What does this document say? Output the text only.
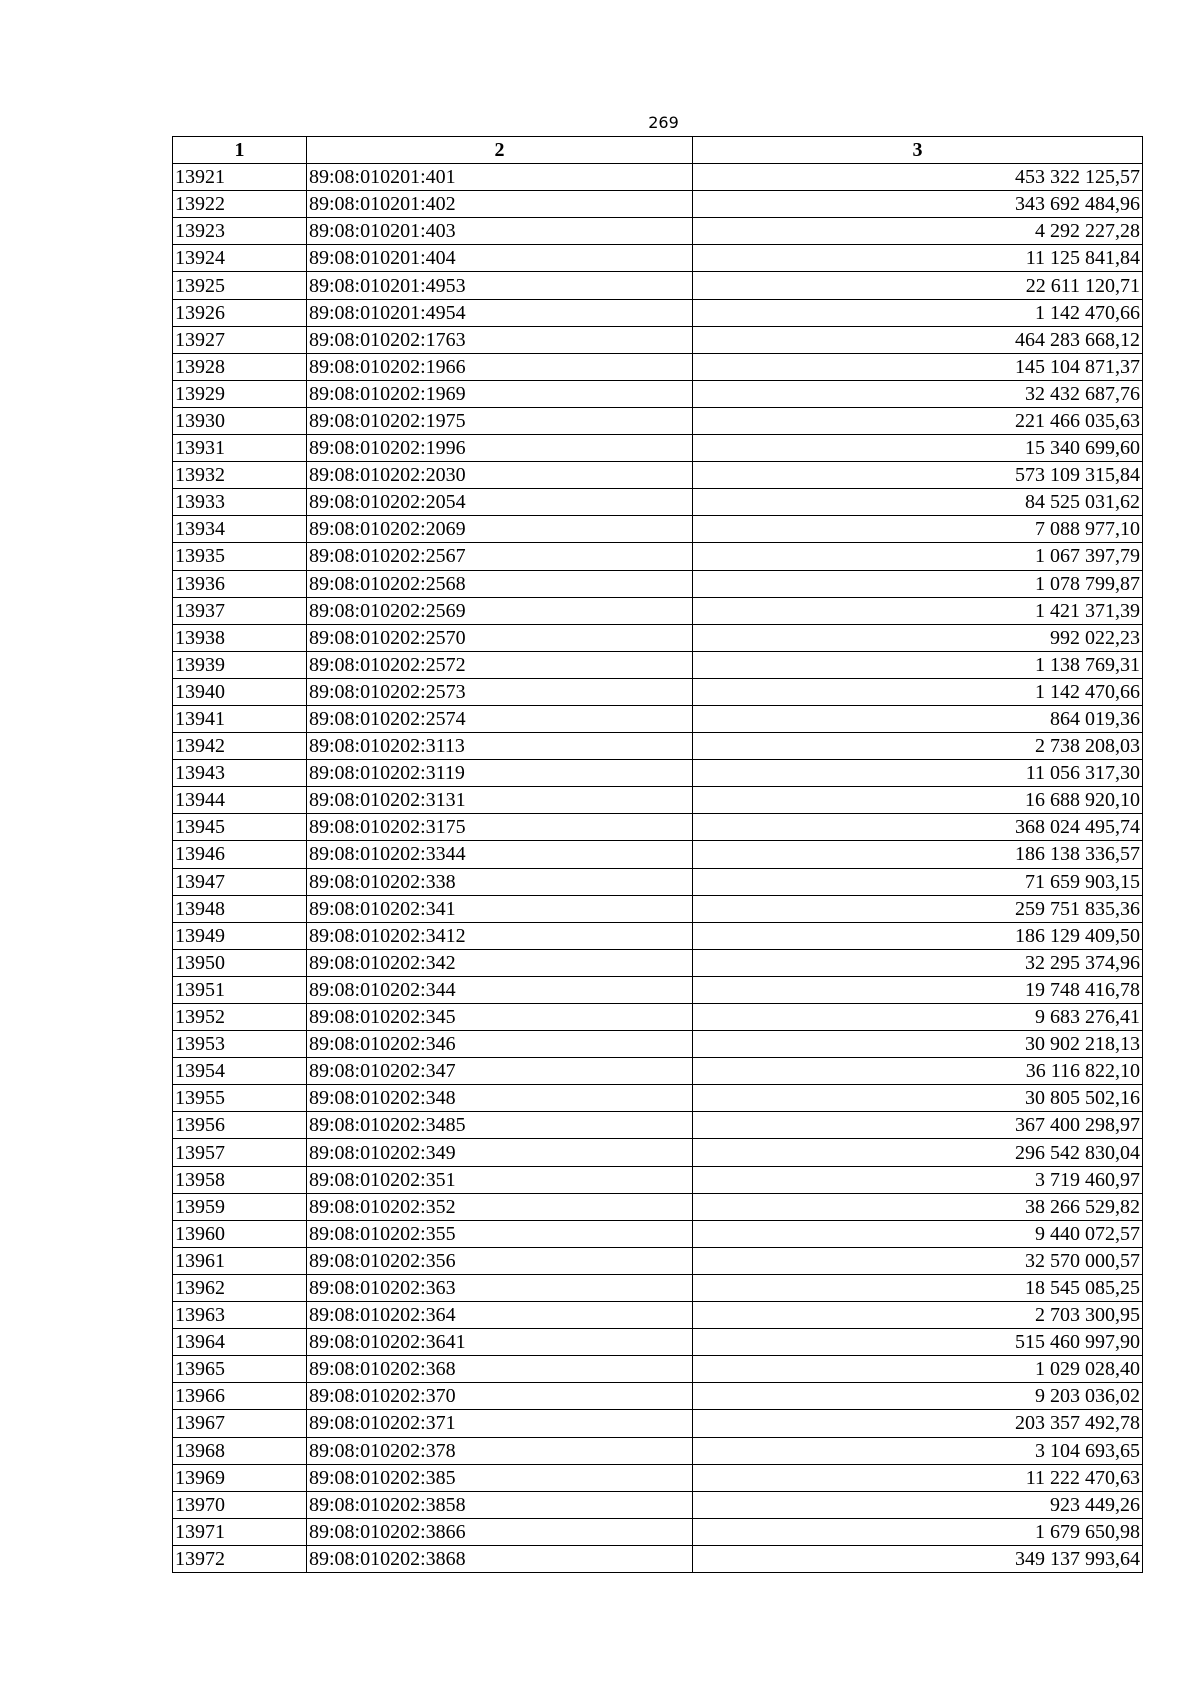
269
1	2	3
13921	89:08:010201:401	453 322 125,57
13922	89:08:010201:402	343 692 484,96
13923	89:08:010201:403	4 292 227,28
13924	89:08:010201:404	11 125 841,84
13925	89:08:010201:4953	22 611 120,71
13926	89:08:010201:4954	1 142 470,66
13927	89:08:010202:1763	464 283 668,12
13928	89:08:010202:1966	145 104 871,37
13929	89:08:010202:1969	32 432 687,76
13930	89:08:010202:1975	221 466 035,63
13931	89:08:010202:1996	15 340 699,60
13932	89:08:010202:2030	573 109 315,84
13933	89:08:010202:2054	84 525 031,62
13934	89:08:010202:2069	7 088 977,10
13935	89:08:010202:2567	1 067 397,79
13936	89:08:010202:2568	1 078 799,87
13937	89:08:010202:2569	1 421 371,39
13938	89:08:010202:2570	992 022,23
13939	89:08:010202:2572	1 138 769,31
13940	89:08:010202:2573	1 142 470,66
13941	89:08:010202:2574	864 019,36
13942	89:08:010202:3113	2 738 208,03
13943	89:08:010202:3119	11 056 317,30
13944	89:08:010202:3131	16 688 920,10
13945	89:08:010202:3175	368 024 495,74
13946	89:08:010202:3344	186 138 336,57
13947	89:08:010202:338	71 659 903,15
13948	89:08:010202:341	259 751 835,36
13949	89:08:010202:3412	186 129 409,50
13950	89:08:010202:342	32 295 374,96
13951	89:08:010202:344	19 748 416,78
13952	89:08:010202:345	9 683 276,41
13953	89:08:010202:346	30 902 218,13
13954	89:08:010202:347	36 116 822,10
13955	89:08:010202:348	30 805 502,16
13956	89:08:010202:3485	367 400 298,97
13957	89:08:010202:349	296 542 830,04
13958	89:08:010202:351	3 719 460,97
13959	89:08:010202:352	38 266 529,82
13960	89:08:010202:355	9 440 072,57
13961	89:08:010202:356	32 570 000,57
13962	89:08:010202:363	18 545 085,25
13963	89:08:010202:364	2 703 300,95
13964	89:08:010202:3641	515 460 997,90
13965	89:08:010202:368	1 029 028,40
13966	89:08:010202:370	9 203 036,02
13967	89:08:010202:371	203 357 492,78
13968	89:08:010202:378	3 104 693,65
13969	89:08:010202:385	11 222 470,63
13970	89:08:010202:3858	923 449,26
13971	89:08:010202:3866	1 679 650,98
13972	89:08:010202:3868	349 137 993,64
